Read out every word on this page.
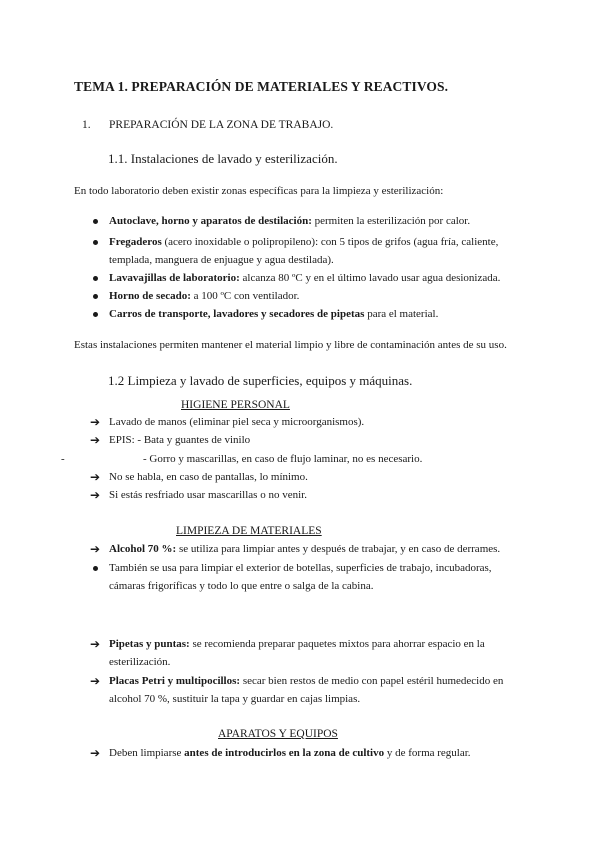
TEMA 1. PREPARACIÓN DE MATERIALES Y REACTIVOS.
1. PREPARACIÓN DE LA ZONA DE TRABAJO.
1.1. Instalaciones de lavado y esterilización.
En todo laboratorio deben existir zonas específicas para la limpieza y esterilización:
Autoclave, horno y aparatos de destilación: permiten la esterilización por calor.
Fregaderos (acero inoxidable o polipropileno): con 5 tipos de grifos (agua fría, caliente,
templada, manguera de enjuague y agua destilada).
Lavavajillas de laboratorio: alcanza 80 ºC y en el último lavado usar agua desionizada.
Horno de secado: a 100 ºC con ventilador.
Carros de transporte, lavadores y secadores de pipetas para el material.
Estas instalaciones permiten mantener el material limpio y libre de contaminación antes de su uso.
1.2 Limpieza y lavado de superficies, equipos y máquinas.
HIGIENE PERSONAL
➔ Lavado de manos (eliminar piel seca y microorganismos).
➔ EPIS: - Bata y guantes de vinilo
-	- Gorro y mascarillas, en caso de flujo laminar, no es necesario.
➔ No se habla, en caso de pantallas, lo mínimo.
➔ Si estás resfriado usar mascarillas o no venir.
LIMPIEZA DE MATERIALES
➔ Alcohol 70 %: se utiliza para limpiar antes y después de trabajar, y en caso de derrames.
También se usa para limpiar el exterior de botellas, superficies de trabajo, incubadoras,
cámaras frigoríficas y todo lo que entre o salga de la cabina.
➔ Pipetas y puntas: se recomienda preparar paquetes mixtos para ahorrar espacio en la
esterilización.
➔ Placas Petri y multipocillos: secar bien restos de medio con papel estéril humedecido en
alcohol 70 %, sustituir la tapa y guardar en cajas limpias.
APARATOS Y EQUIPOS
➔ Deben limpiarse antes de introducirlos en la zona de cultivo y de forma regular.
